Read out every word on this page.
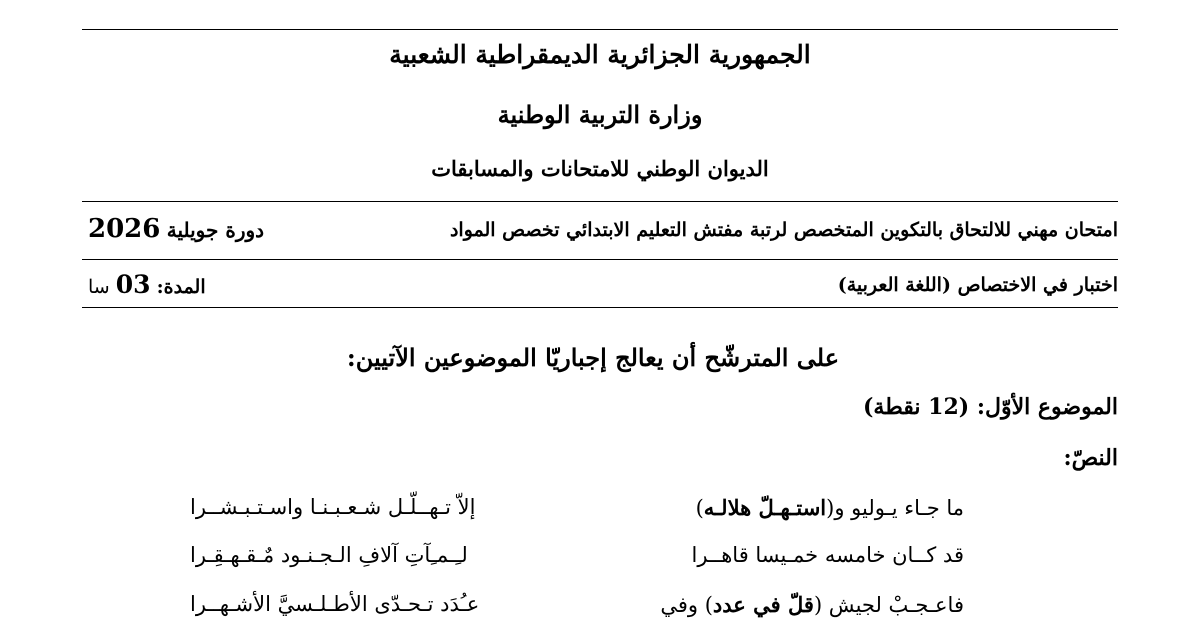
الجمهورية الجزائرية الديمقراطية الشعبية
وزارة التربية الوطنية
الديوان الوطني للامتحانات والمسابقات
امتحان مهني للالتحاق بالتكوين المتخصص لرتبة مفتش التعليم الابتدائي تخصص المواد
دورة جويلية 2026
اختبار في الاختصاص (اللغة العربية)
المدة: 03 سا
على المترشّح أن يعالج إجباريّا الموضوعين الآتيين:
الموضوع الأوّل: (12 نقطة)
النصّ:
ما جـاء يـوليو و(استـهـلّ هلالـه)
إلاّ تـهــلّـل شـعـبـنـا واسـتـبـشــرا
قد كــان خامسه خمـيسا قاهــرا
لـِـمـِآتِ آلافِ الـجـنـود مٌـقـهـقِـرا
فاعـجـبْ لجيش (قلّ في عدد) وفي
عـُدَد تـحـدّى الأطـلـسيَّ الأشـهــرا
